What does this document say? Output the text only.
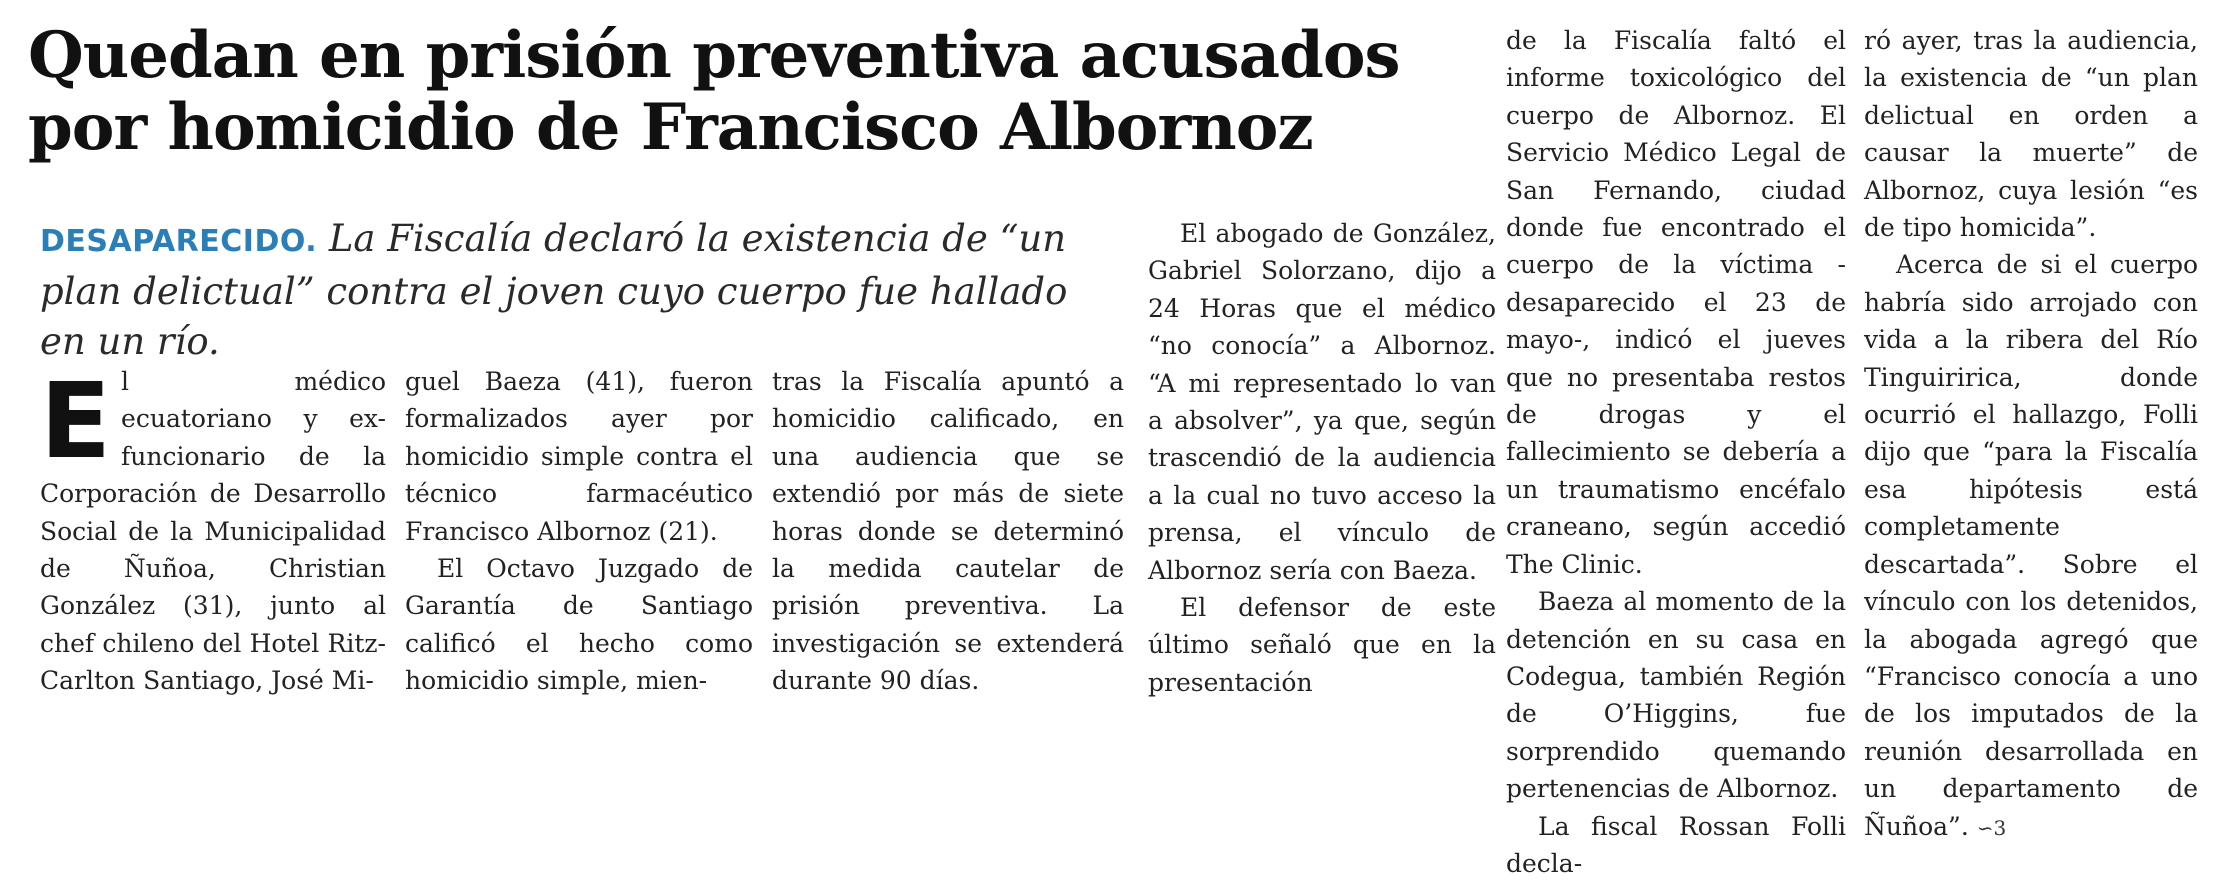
Quedan en prisión preventiva acusados por homicidio de Francisco Albornoz
DESAPARECIDO. La Fiscalía declaró la existencia de “un plan delictual” contra el joven cuyo cuerpo fue hallado en un río.

El médico ecuatoriano y ex-funcionario de la Corporación de Desarrollo Social de la Municipalidad de Ñuñoa, Christian González (31), junto al chef chileno del Hotel Ritz-Carlton Santiago, José Mi-

guel Baeza (41), fueron formalizados ayer por homicidio simple contra el técnico farmacéutico Francisco Albornoz (21).

El Octavo Juzgado de Garantía de Santiago calificó el hecho como homicidio simple, mien-

tras la Fiscalía apuntó a homicidio calificado, en una audiencia que se extendió por más de siete horas donde se determinó la medida cautelar de prisión preventiva. La investigación se extenderá durante 90 días.

El abogado de González, Gabriel Solorzano, dijo a 24 Horas que el médico “no conocía” a Albornoz. “A mi representado lo van a absolver”, ya que, según trascendió de la audiencia a la cual no tuvo acceso la prensa, el vínculo de Albornoz sería con Baeza.

El defensor de este último señaló que en la presentación

de la Fiscalía faltó el informe toxicológico del cuerpo de Albornoz. El Servicio Médico Legal de San Fernando, ciudad donde fue encontrado el cuerpo de la víctima -desaparecido el 23 de mayo-, indicó el jueves que no presentaba restos de drogas y el fallecimiento se debería a un traumatismo encéfalo craneano, según accedió The Clinic.

Baeza al momento de la detención en su casa en Codegua, también Región de O’Higgins, fue sorprendido quemando pertenencias de Albornoz.

La fiscal Rossan Folli decla-

ró ayer, tras la audiencia, la existencia de “un plan delictual en orden a causar la muerte” de Albornoz, cuya lesión “es de tipo homicida”.

Acerca de si el cuerpo habría sido arrojado con vida a la ribera del Río Tinguiririca, donde ocurrió el hallazgo, Folli dijo que “para la Fiscalía esa hipótesis está completamente descartada”. Sobre el vínculo con los detenidos, la abogada agregó que “Francisco conocía a uno de los imputados de la reunión desarrollada en un departamento de Ñuñoa”. ∽3
